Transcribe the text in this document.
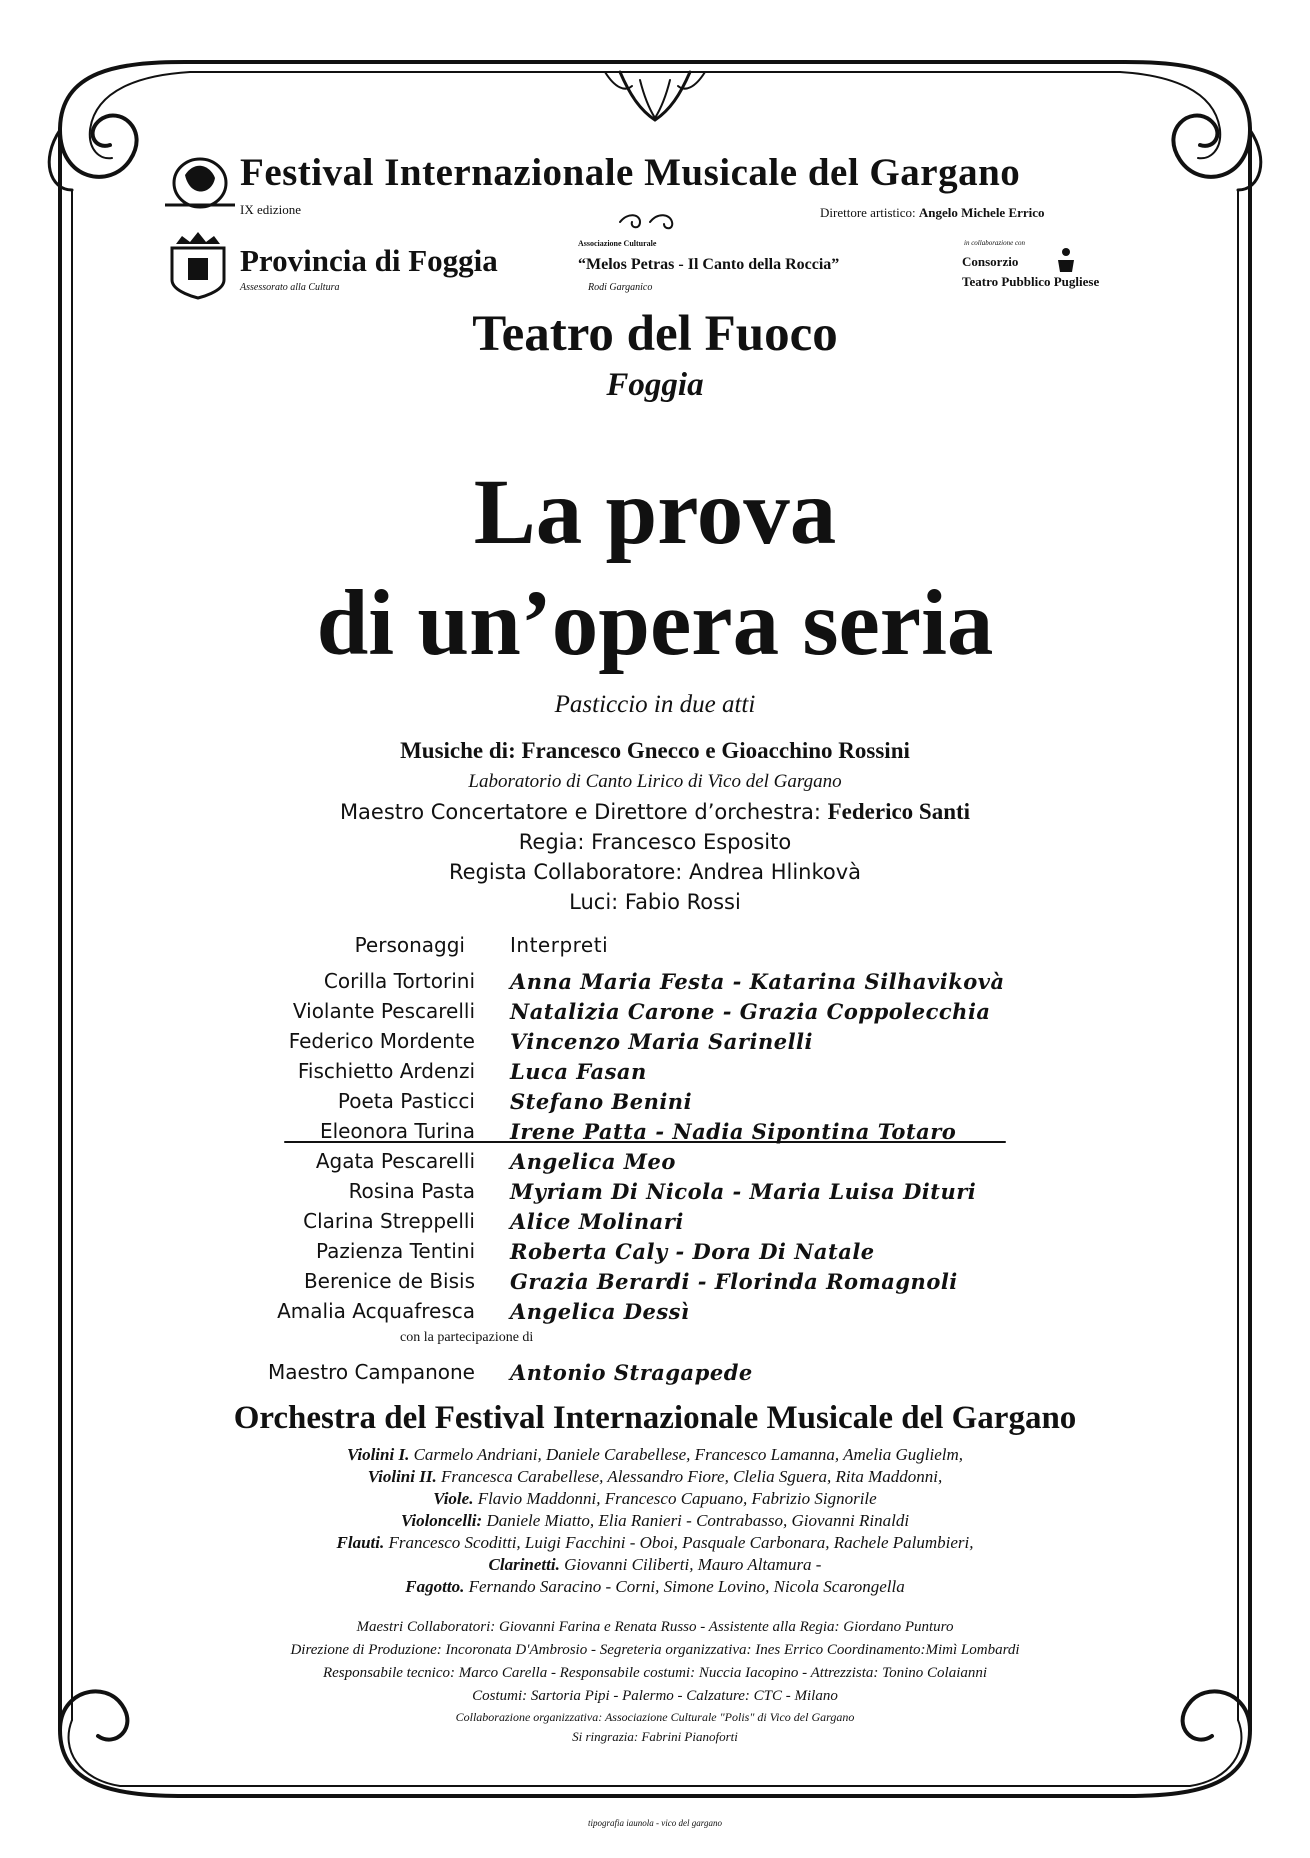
Festival Internazionale Musicale del Gargano
IX edizione	Direttore artistico: Angelo Michele Errico
Provincia di Foggia
Assessorato alla Cultura
Associazione Culturale
“Melos Petras - Il Canto della Roccia”
Rodi Garganico
in collaborazione con
Consorzio
Teatro Pubblico Pugliese
Teatro del Fuoco
Foggia
La prova
di un’opera seria
Pasticcio in due atti
Musiche di: Francesco Gnecco e Gioacchino Rossini
Laboratorio di Canto Lirico di Vico del Gargano
Maestro Concertatore e Direttore d’orchestra: Federico Santi
Regia: Francesco Esposito
Regista Collaboratore: Andrea Hlinkovà
Luci: Fabio Rossi
Personaggi Interpreti
Corilla Tortorini Anna Maria Festa - Katarina Silhavikovà
Violante Pescarelli Natalizia Carone - Grazia Coppolecchia
Federico Mordente Vincenzo Maria Sarinelli
Fischietto Ardenzi Luca Fasan
Poeta Pasticci Stefano Benini
Eleonora Turina Irene Patta - Nadia Sipontina Totaro
Agata Pescarelli Angelica Meo
Rosina Pasta Myriam Di Nicola - Maria Luisa Dituri
Clarina Streppelli Alice Molinari
Pazienza Tentini Roberta Caly - Dora Di Natale
Berenice de Bisis Grazia Berardi - Florinda Romagnoli
Amalia Acquafresca Angelica Dessì
con la partecipazione di
Maestro Campanone Antonio Stragapede
Orchestra del Festival Internazionale Musicale del Gargano
Violini I. Carmelo Andriani, Daniele Carabellese, Francesco Lamanna, Amelia Guglielm,
Violini II. Francesca Carabellese, Alessandro Fiore, Clelia Sguera, Rita Maddonni,
Viole. Flavio Maddonni, Francesco Capuano, Fabrizio Signorile
Violoncelli: Daniele Miatto, Elia Ranieri - Contrabasso, Giovanni Rinaldi
Flauti. Francesco Scoditti, Luigi Facchini - Oboi, Pasquale Carbonara, Rachele Palumbieri,
Clarinetti. Giovanni Ciliberti, Mauro Altamura -
Fagotto. Fernando Saracino - Corni, Simone Lovino, Nicola Scarongella
Maestri Collaboratori: Giovanni Farina e Renata Russo - Assistente alla Regia: Giordano Punturo
Direzione di Produzione: Incoronata D'Ambrosio - Segreteria organizzativa: Ines Errico Coordinamento:Mimì Lombardi
Responsabile tecnico: Marco Carella - Responsabile costumi: Nuccia Iacopino - Attrezzista: Tonino Colaianni
Costumi: Sartoria Pipi - Palermo - Calzature: CTC - Milano
Collaborazione organizzativa: Associazione Culturale "Polis" di Vico del Gargano
Si ringrazia: Fabrini Pianoforti
tipografia iaunola - vico del gargano
